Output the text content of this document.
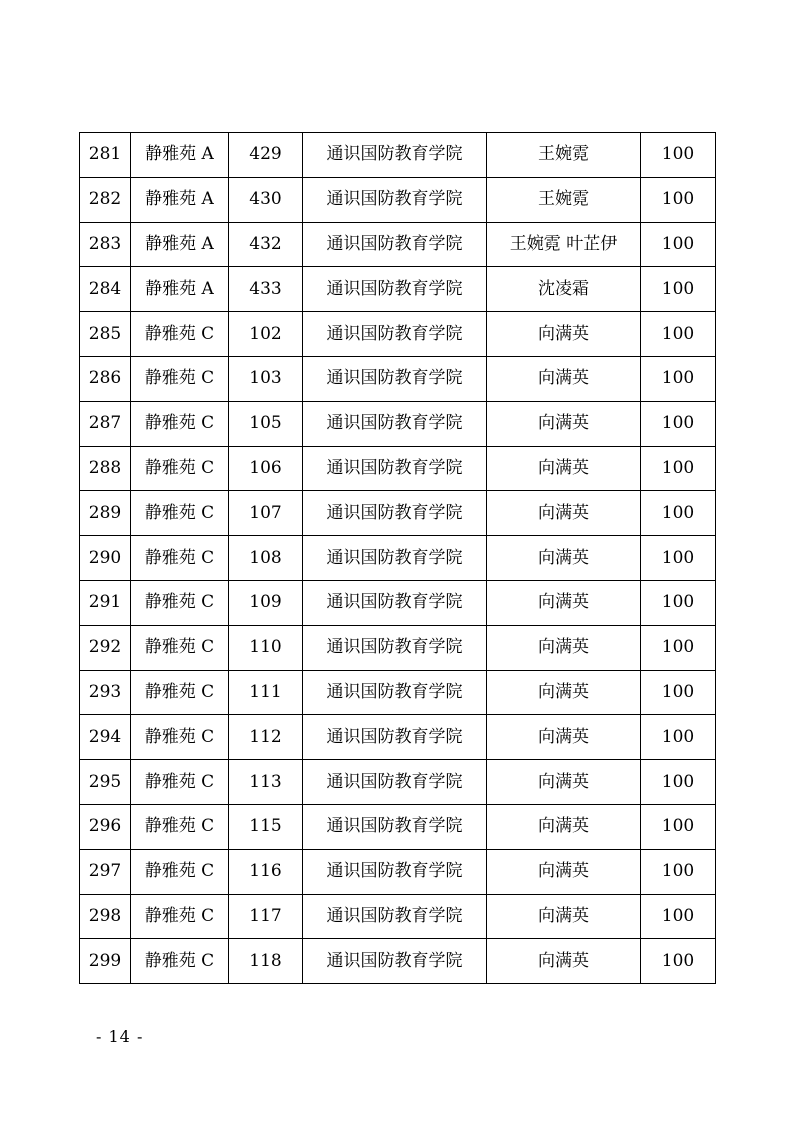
281	静雅苑 A	429	通识国防教育学院	王婉霓	100
282	静雅苑 A	430	通识国防教育学院	王婉霓	100
283	静雅苑 A	432	通识国防教育学院	王婉霓 叶芷伊	100
284	静雅苑 A	433	通识国防教育学院	沈凌霜	100
285	静雅苑 C	102	通识国防教育学院	向满英	100
286	静雅苑 C	103	通识国防教育学院	向满英	100
287	静雅苑 C	105	通识国防教育学院	向满英	100
288	静雅苑 C	106	通识国防教育学院	向满英	100
289	静雅苑 C	107	通识国防教育学院	向满英	100
290	静雅苑 C	108	通识国防教育学院	向满英	100
291	静雅苑 C	109	通识国防教育学院	向满英	100
292	静雅苑 C	110	通识国防教育学院	向满英	100
293	静雅苑 C	111	通识国防教育学院	向满英	100
294	静雅苑 C	112	通识国防教育学院	向满英	100
295	静雅苑 C	113	通识国防教育学院	向满英	100
296	静雅苑 C	115	通识国防教育学院	向满英	100
297	静雅苑 C	116	通识国防教育学院	向满英	100
298	静雅苑 C	117	通识国防教育学院	向满英	100
299	静雅苑 C	118	通识国防教育学院	向满英	100
- 14 -
